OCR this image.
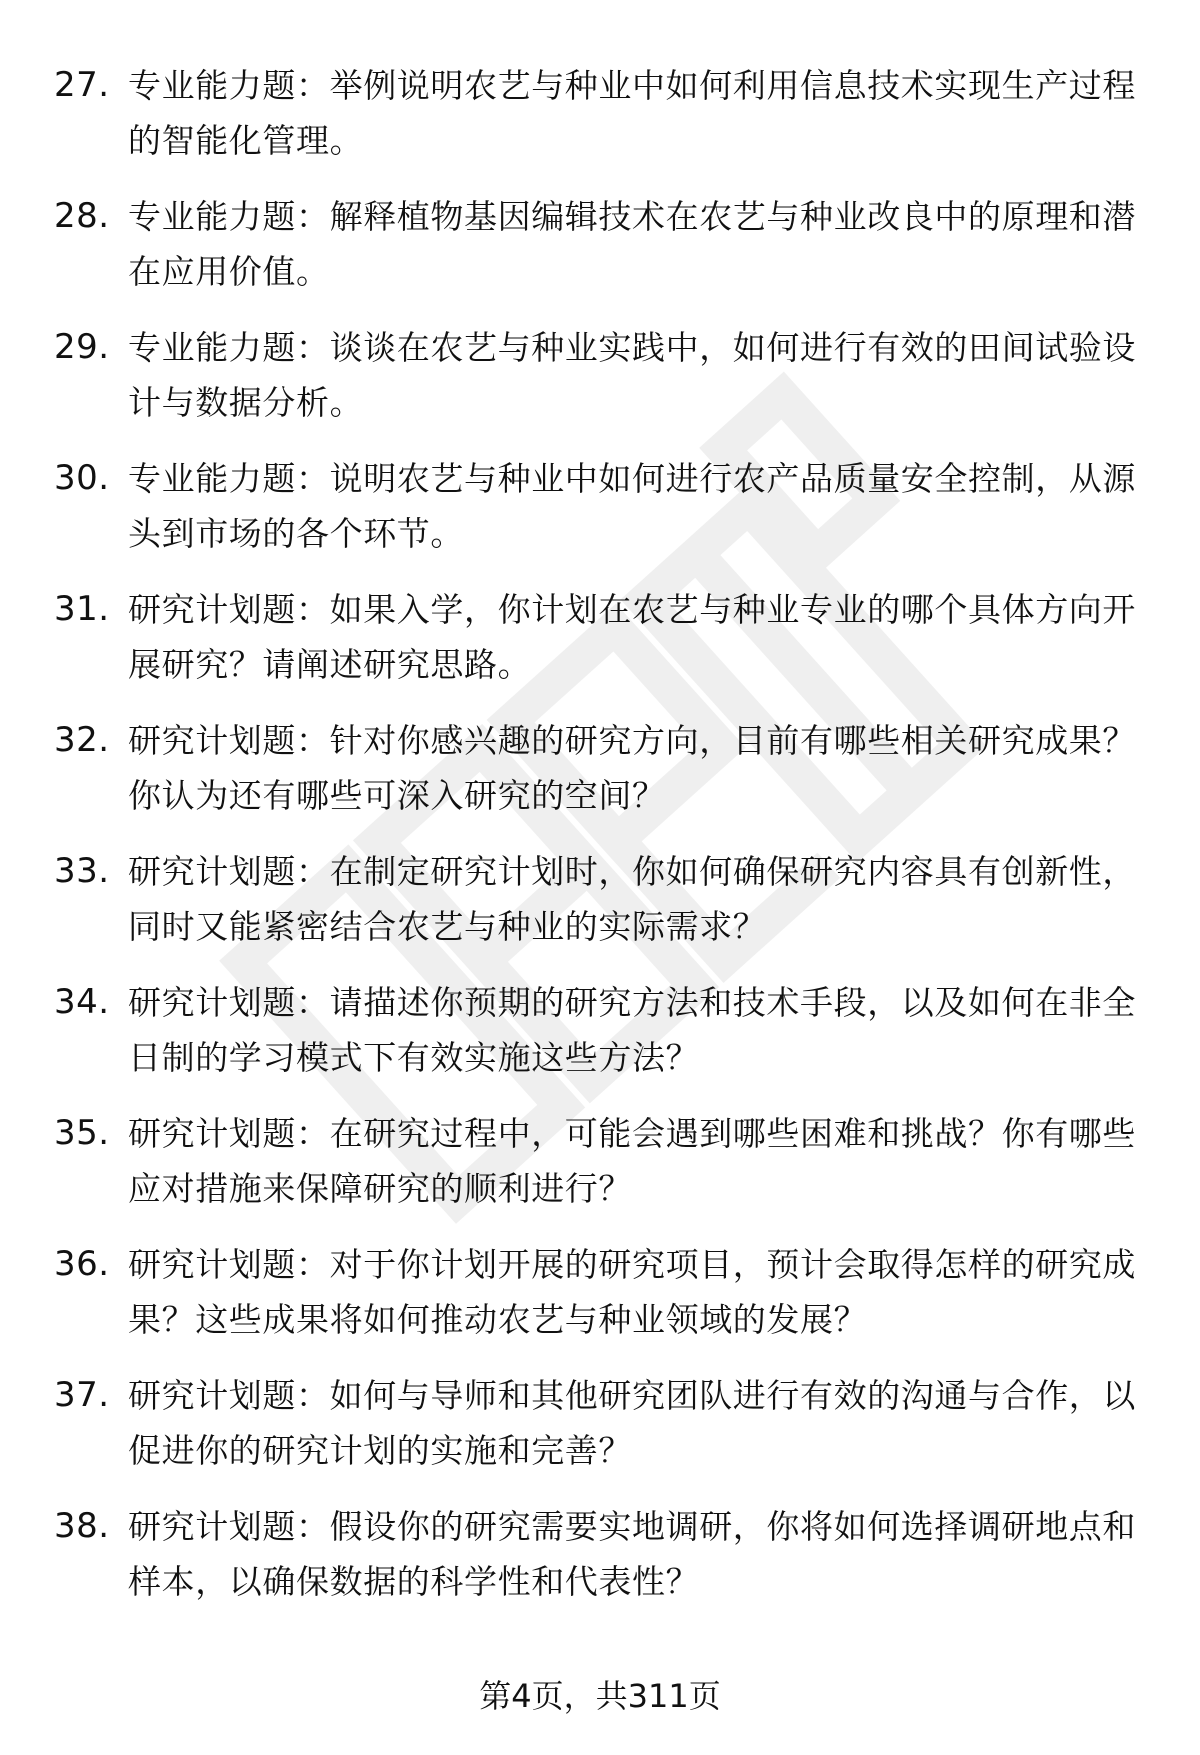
27. 专业能力题：举例说明农艺与种业中如何利用信息技术实现生产过程的智能化管理。
28. 专业能力题：解释植物基因编辑技术在农艺与种业改良中的原理和潜在应用价值。
29. 专业能力题：谈谈在农艺与种业实践中，如何进行有效的田间试验设计与数据分析。
30. 专业能力题：说明农艺与种业中如何进行农产品质量安全控制，从源头到市场的各个环节。
31. 研究计划题：如果入学，你计划在农艺与种业专业的哪个具体方向开展研究？请阐述研究思路。
32. 研究计划题：针对你感兴趣的研究方向，目前有哪些相关研究成果？你认为还有哪些可深入研究的空间？
33. 研究计划题：在制定研究计划时，你如何确保研究内容具有创新性，同时又能紧密结合农艺与种业的实际需求？
34. 研究计划题：请描述你预期的研究方法和技术手段，以及如何在非全日制的学习模式下有效实施这些方法？
35. 研究计划题：在研究过程中，可能会遇到哪些困难和挑战？你有哪些应对措施来保障研究的顺利进行？
36. 研究计划题：对于你计划开展的研究项目，预计会取得怎样的研究成果？这些成果将如何推动农艺与种业领域的发展？
37. 研究计划题：如何与导师和其他研究团队进行有效的沟通与合作，以促进你的研究计划的实施和完善？
38. 研究计划题：假设你的研究需要实地调研，你将如何选择调研地点和样本，以确保数据的科学性和代表性？
第4页，共311页
